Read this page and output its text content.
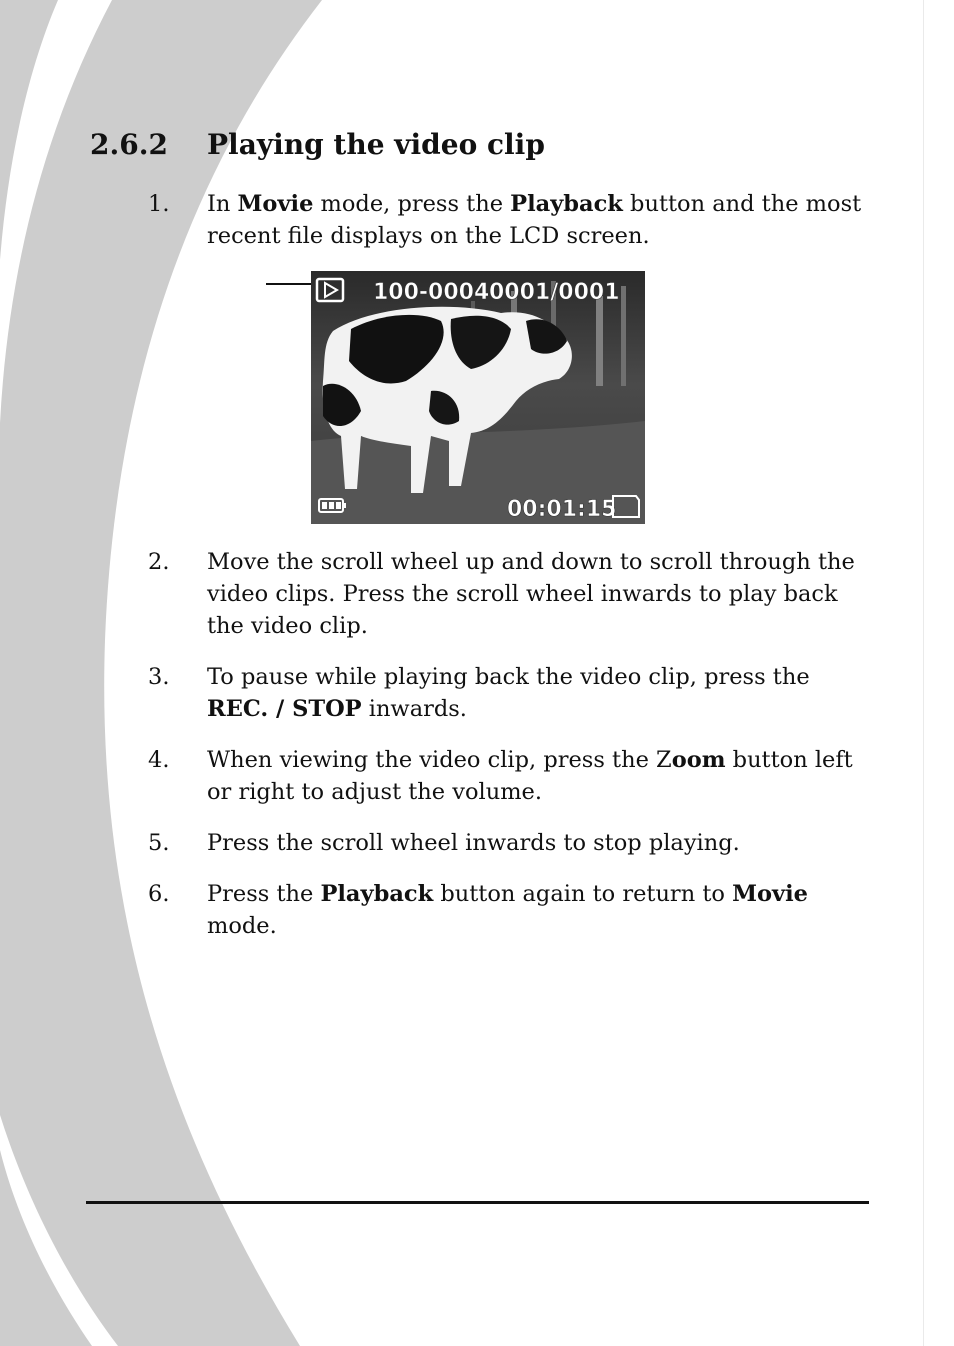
2.6.2 Playing the video clip
1. In Movie mode, press the Playback button and the most recent file displays on the LCD screen.
100-0004 0001/0001
00:01:15
2. Move the scroll wheel up and down to scroll through the video clips. Press the scroll wheel inwards to play back the video clip.
3. To pause while playing back the video clip, press the REC. / STOP inwards.
4. When viewing the video clip, press the Zoom button left or right to adjust the volume.
5. Press the scroll wheel inwards to stop playing.
6. Press the Playback button again to return to Movie mode.
